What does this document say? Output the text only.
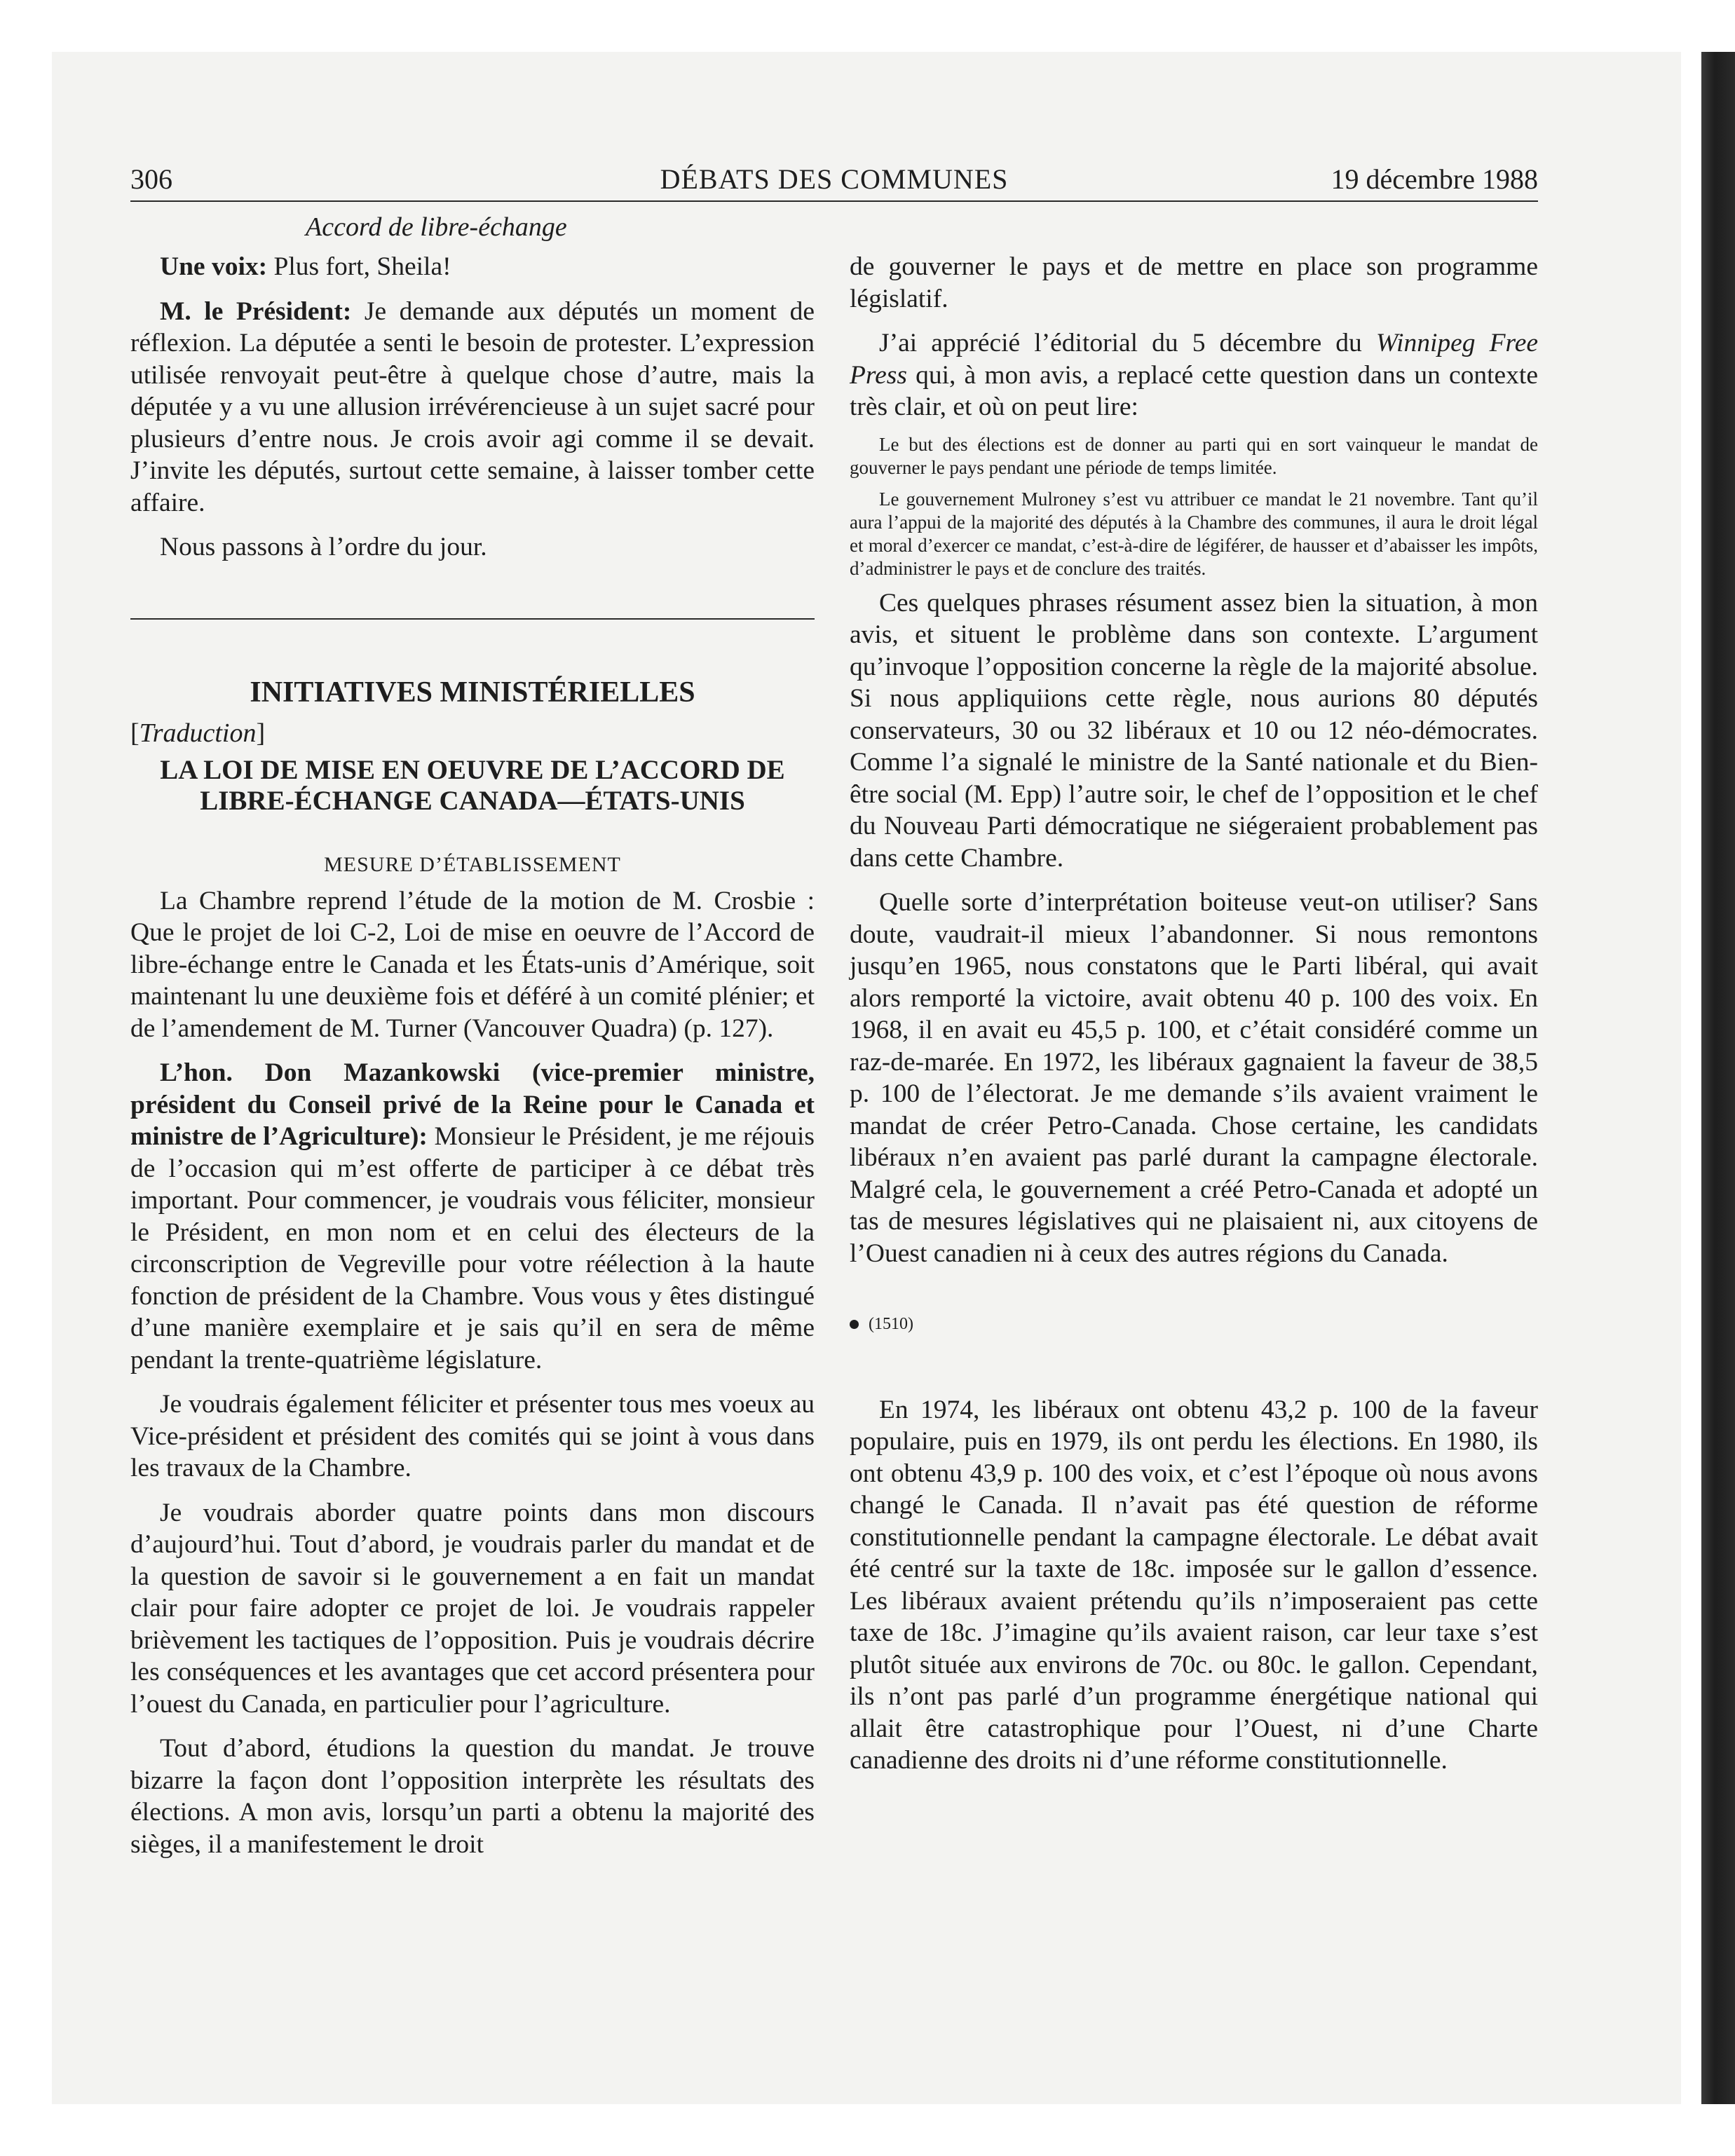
306	DÉBATS DES COMMUNES	19 décembre 1988
Accord de libre-échange

Une voix: Plus fort, Sheila!

M. le Président: Je demande aux députés un moment de réflexion. La députée a senti le besoin de protester. L’expression utilisée renvoyait peut-être à quelque chose d’autre, mais la députée y a vu une allusion irrévérencieuse à un sujet sacré pour plusieurs d’entre nous. Je crois avoir agi comme il se devait. J’invite les députés, surtout cette semaine, à laisser tomber cette affaire.

Nous passons à l’ordre du jour.

INITIATIVES MINISTÉRIELLES
[Traduction]
LA LOI DE MISE EN OEUVRE DE L’ACCORD DE LIBRE-ÉCHANGE CANADA—ÉTATS-UNIS
MESURE D’ÉTABLISSEMENT

La Chambre reprend l’étude de la motion de M. Crosbie : Que le projet de loi C-2, Loi de mise en oeuvre de l’Accord de libre-échange entre le Canada et les États-unis d’Amérique, soit maintenant lu une deuxième fois et déféré à un comité plénier; et de l’amendement de M. Turner (Vancouver Quadra) (p. 127).

L’hon. Don Mazankowski (vice-premier ministre, président du Conseil privé de la Reine pour le Canada et ministre de l’Agriculture): Monsieur le Président, je me réjouis de l’occasion qui m’est offerte de participer à ce débat très important. Pour commencer, je voudrais vous féliciter, monsieur le Président, en mon nom et en celui des électeurs de la circonscription de Vegreville pour votre réélection à la haute fonction de président de la Chambre. Vous vous y êtes distingué d’une manière exemplaire et je sais qu’il en sera de même pendant la trente-quatrième législature.

Je voudrais également féliciter et présenter tous mes voeux au Vice-président et président des comités qui se joint à vous dans les travaux de la Chambre.

Je voudrais aborder quatre points dans mon discours d’aujourd’hui. Tout d’abord, je voudrais parler du mandat et de la question de savoir si le gouvernement a en fait un mandat clair pour faire adopter ce projet de loi. Je voudrais rappeler brièvement les tactiques de l’opposition. Puis je voudrais décrire les conséquences et les avantages que cet accord présentera pour l’ouest du Canada, en particulier pour l’agriculture.

Tout d’abord, étudions la question du mandat. Je trouve bizarre la façon dont l’opposition interprète les résultats des élections. A mon avis, lorsqu’un parti a obtenu la majorité des sièges, il a manifestement le droit

de gouverner le pays et de mettre en place son programme législatif.

J’ai apprécié l’éditorial du 5 décembre du Winnipeg Free Press qui, à mon avis, a replacé cette question dans un contexte très clair, et où on peut lire:

Le but des élections est de donner au parti qui en sort vainqueur le mandat de gouverner le pays pendant une période de temps limitée.

Le gouvernement Mulroney s’est vu attribuer ce mandat le 21 novembre. Tant qu’il aura l’appui de la majorité des députés à la Chambre des communes, il aura le droit légal et moral d’exercer ce mandat, c’est-à-dire de légiférer, de hausser et d’abaisser les impôts, d’administrer le pays et de conclure des traités.

Ces quelques phrases résument assez bien la situation, à mon avis, et situent le problème dans son contexte. L’argument qu’invoque l’opposition concerne la règle de la majorité absolue. Si nous appliquiions cette règle, nous aurions 80 députés conservateurs, 30 ou 32 libéraux et 10 ou 12 néo-démocrates. Comme l’a signalé le ministre de la Santé nationale et du Bien-être social (M. Epp) l’autre soir, le chef de l’opposition et le chef du Nouveau Parti démocratique ne siégeraient probablement pas dans cette Chambre.

Quelle sorte d’interprétation boiteuse veut-on utiliser? Sans doute, vaudrait-il mieux l’abandonner. Si nous remontons jusqu’en 1965, nous constatons que le Parti libéral, qui avait alors remporté la victoire, avait obtenu 40 p. 100 des voix. En 1968, il en avait eu 45,5 p. 100, et c’était considéré comme un raz-de-marée. En 1972, les libéraux gagnaient la faveur de 38,5 p. 100 de l’électorat. Je me demande s’ils avaient vraiment le mandat de créer Petro-Canada. Chose certaine, les candidats libéraux n’en avaient pas parlé durant la campagne électorale. Malgré cela, le gouvernement a créé Petro-Canada et adopté un tas de mesures législatives qui ne plaisaient ni, aux citoyens de l’Ouest canadien ni à ceux des autres régions du Canada.

(1510)

En 1974, les libéraux ont obtenu 43,2 p. 100 de la faveur populaire, puis en 1979, ils ont perdu les élections. En 1980, ils ont obtenu 43,9 p. 100 des voix, et c’est l’époque où nous avons changé le Canada. Il n’avait pas été question de réforme constitutionnelle pendant la campagne électorale. Le débat avait été centré sur la taxte de 18c. imposée sur le gallon d’essence. Les libéraux avaient prétendu qu’ils n’imposeraient pas cette taxe de 18c. J’imagine qu’ils avaient raison, car leur taxe s’est plutôt située aux environs de 70c. ou 80c. le gallon. Cependant, ils n’ont pas parlé d’un programme énergétique national qui allait être catastrophique pour l’Ouest, ni d’une Charte canadienne des droits ni d’une réforme constitutionnelle.
